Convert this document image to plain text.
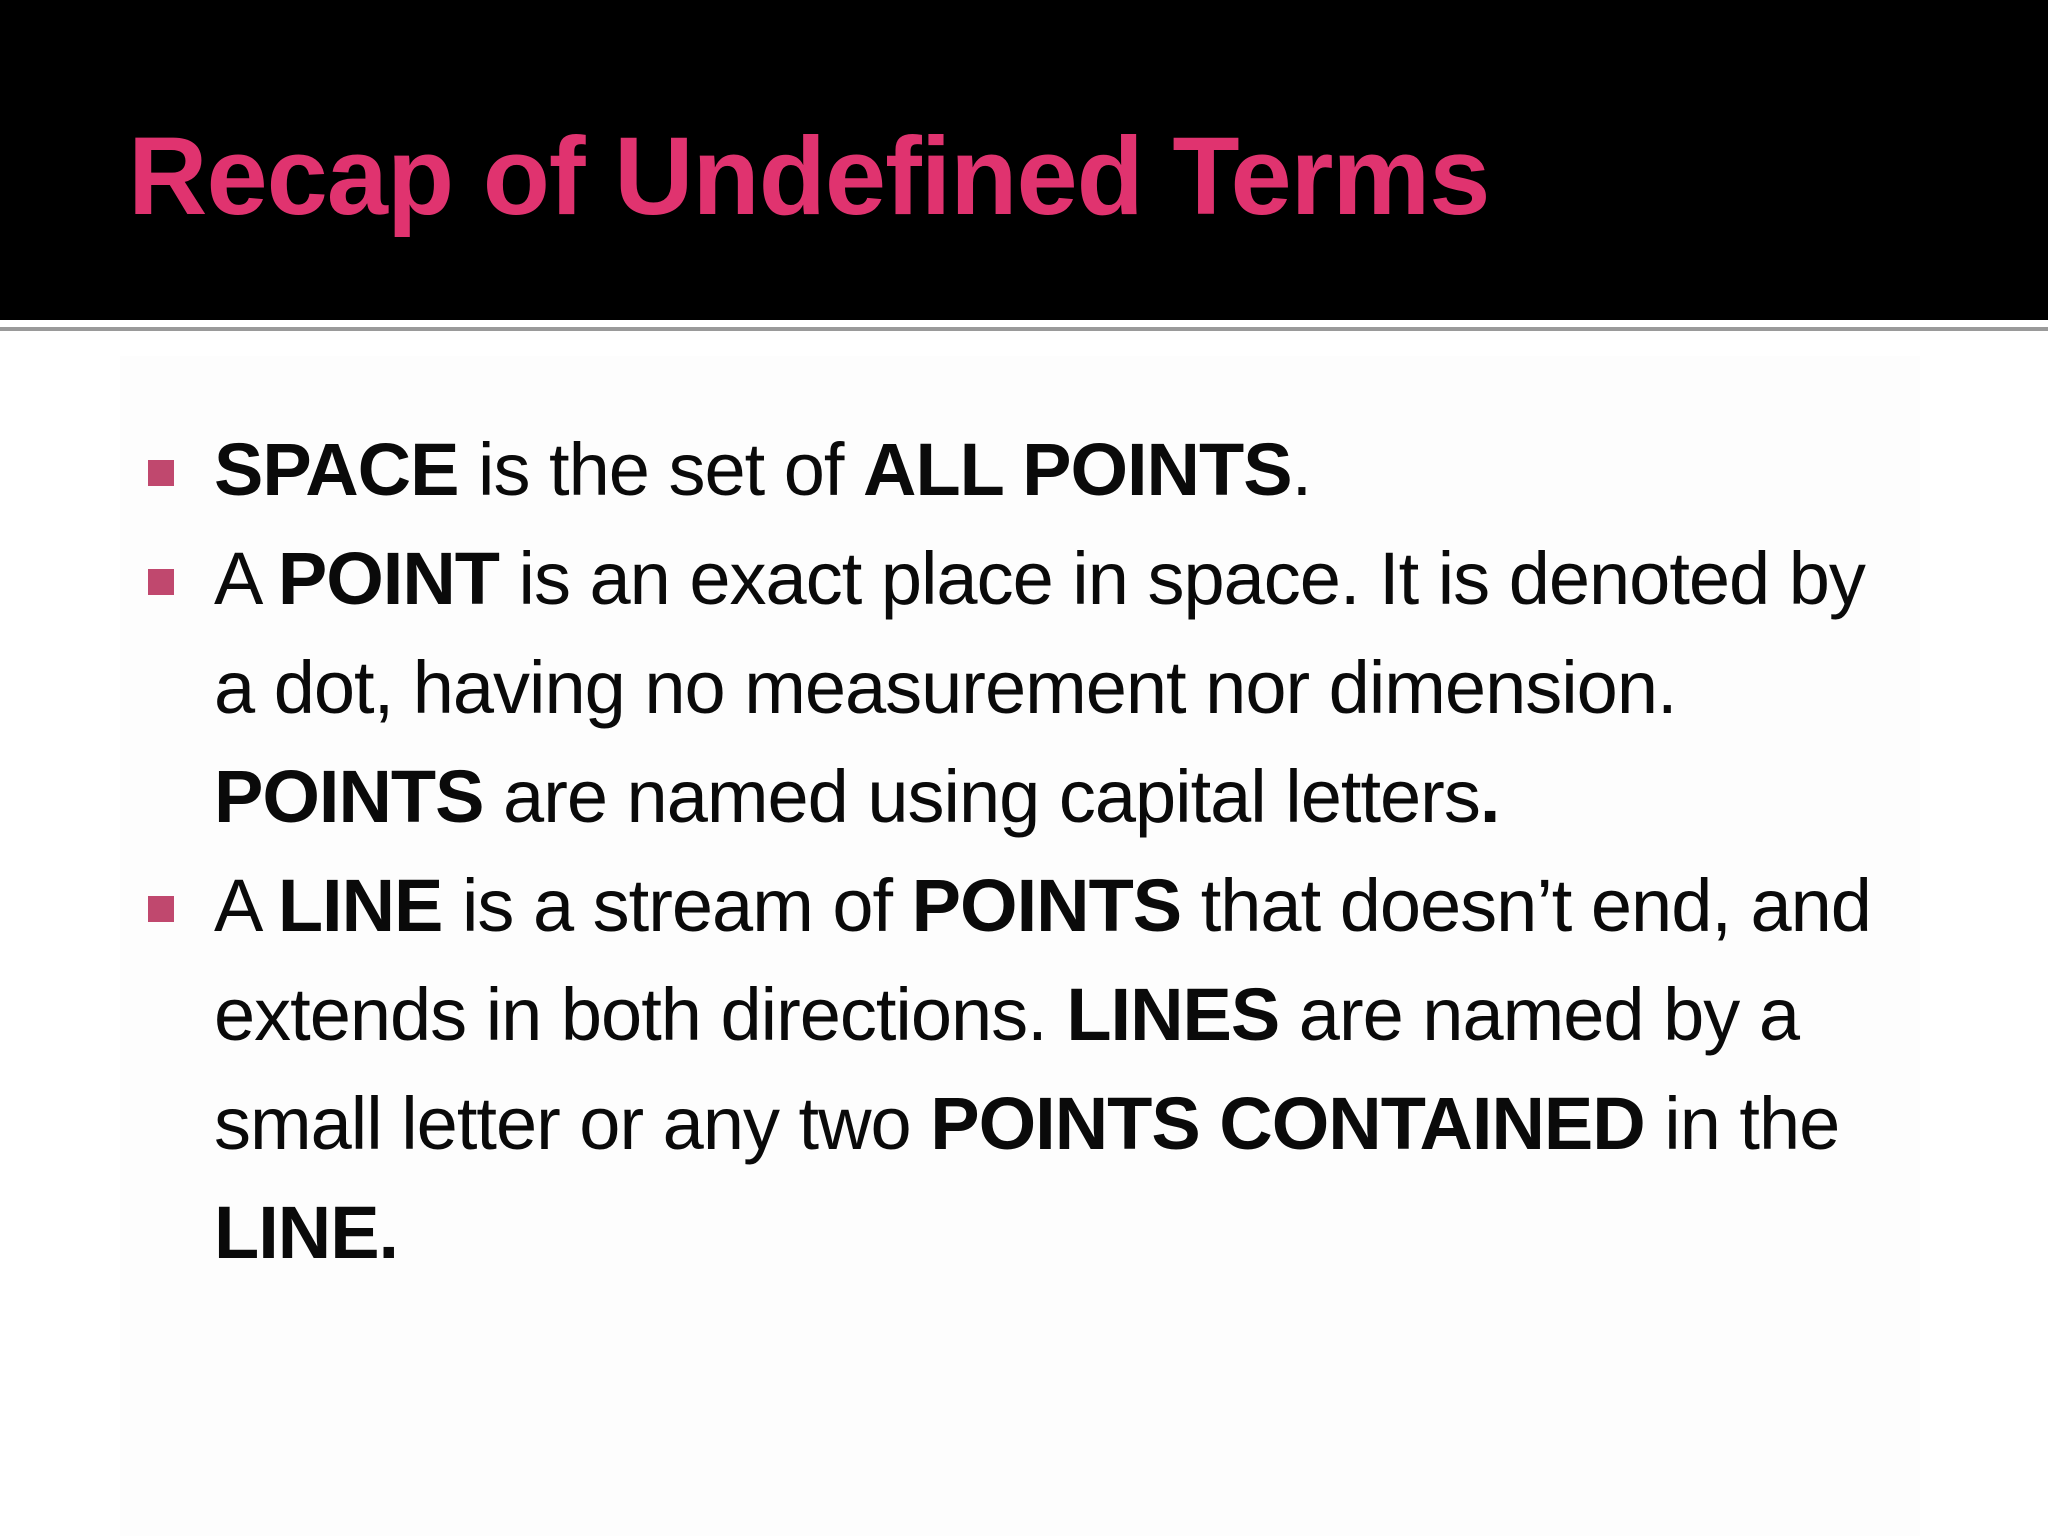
Recap of Undefined Terms
SPACE is the set of ALL POINTS.
A POINT is an exact place in space. It is denoted by a dot, having no measurement nor dimension. POINTS are named using capital letters.
A LINE is a stream of POINTS that doesn’t end, and extends in both directions. LINES are named by a small letter or any two POINTS CONTAINED in the LINE.
